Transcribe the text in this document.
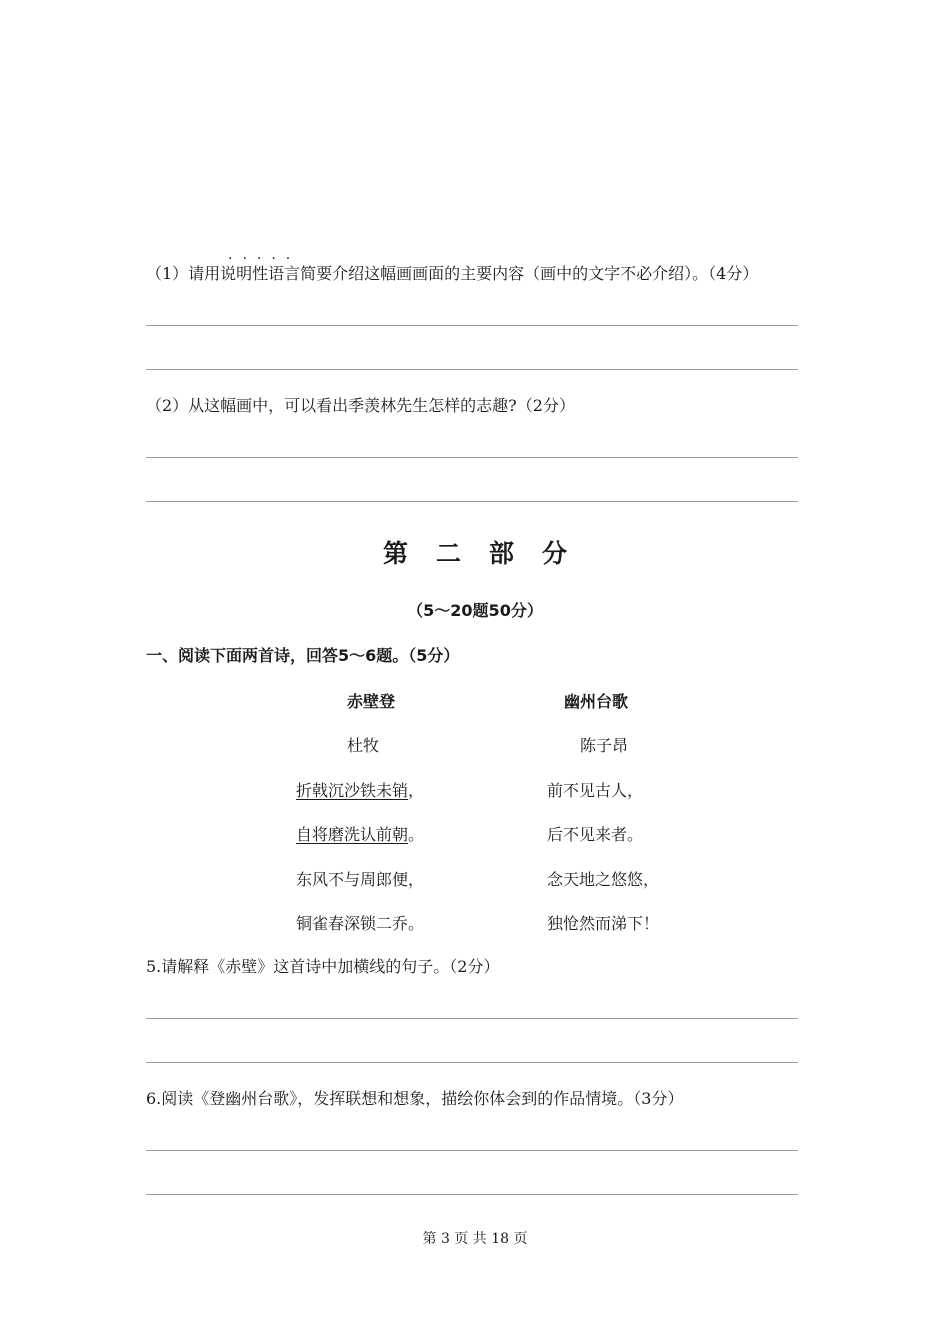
.....
（1）请用说明性语言简要介绍这幅画画面的主要内容（画中的文字不必介绍）。（4分）
（2）从这幅画中，可以看出季羡林先生怎样的志趣?（2分）
第二部分
（5～20题50分）
一、阅读下面两首诗，回答5～6题。（5分）
赤壁登
杜牧
折戟沉沙铁未销，
自将磨洗认前朝。
东风不与周郎便，
铜雀春深锁二乔。
幽州台歌
陈子昂
前不见古人，
后不见来者。
念天地之悠悠，
独怆然而涕下！
5.请解释《赤壁》这首诗中加横线的句子。（2分）
6.阅读《登幽州台歌》，发挥联想和想象，描绘你体会到的作品情境。（3分）
第 3 页 共 18 页
